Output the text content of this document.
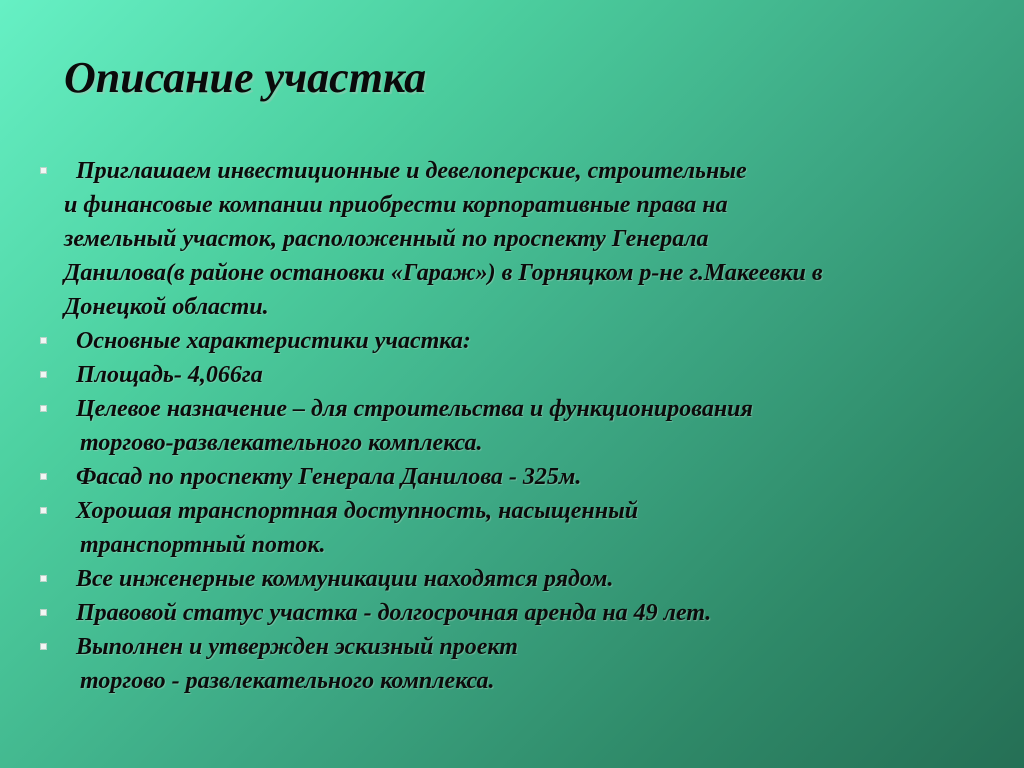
Описание участка
Приглашаем инвестиционные и девелоперские, строительные
и финансовые компании приобрести корпоративные права на
земельный участок, расположенный по проспекту Генерала
Данилова(в районе остановки «Гараж») в Горняцком р-не г.Макеевки в
Донецкой области.
Основные характеристики участка:
Площадь- 4,066га
Целевое назначение – для строительства и функционирования
торгово-развлекательного комплекса.
Фасад по проспекту Генерала Данилова - 325м.
Хорошая транспортная доступность, насыщенный
транспортный поток.
Все инженерные коммуникации находятся рядом.
Правовой статус участка - долгосрочная аренда на 49 лет.
Выполнен и утвержден эскизный проект
торгово - развлекательного комплекса.
